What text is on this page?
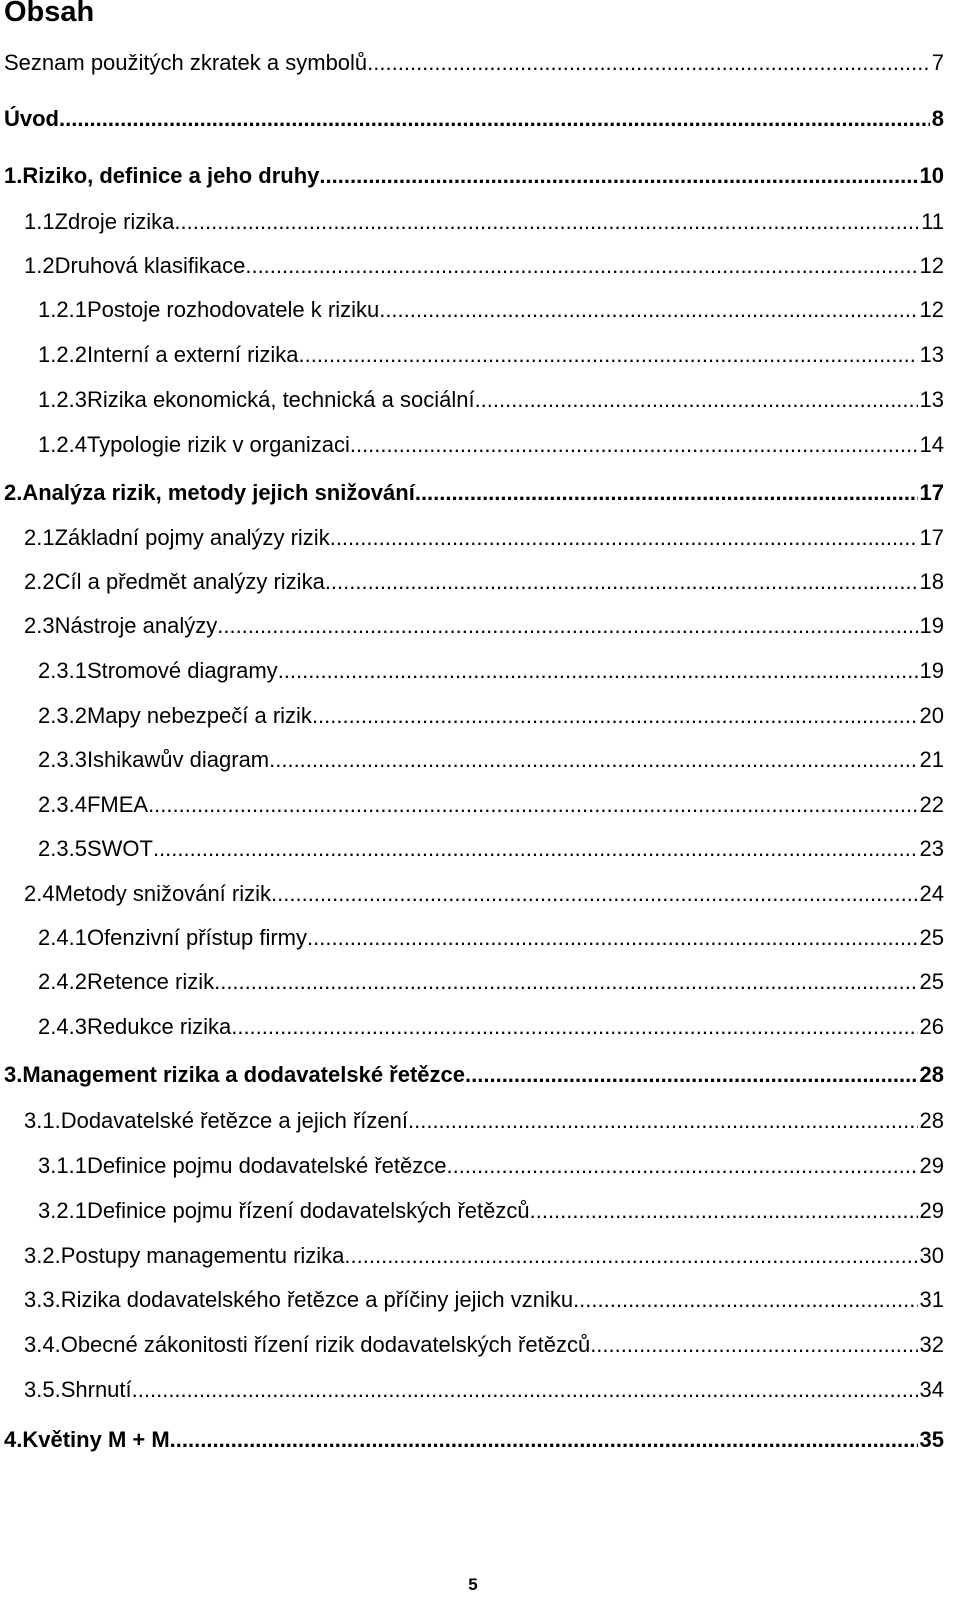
Obsah
Seznam použitých zkratek a symbolů .....	7
Úvod .....	8
1. Riziko, definice a jeho druhy .....	10
1.1 Zdroje rizika .....	11
1.2 Druhová klasifikace .....	12
1.2.1 Postoje rozhodovatele k riziku .....	12
1.2.2 Interní a externí rizika .....	13
1.2.3 Rizika ekonomická, technická a sociální .....	13
1.2.4 Typologie rizik v organizaci .....	14
2. Analýza rizik, metody jejich snižování .....	17
2.1 Základní pojmy analýzy rizik .....	17
2.2 Cíl a předmět analýzy rizika .....	18
2.3 Nástroje analýzy .....	19
2.3.1 Stromové diagramy .....	19
2.3.2 Mapy nebezpečí a rizik .....	20
2.3.3 Ishikawův diagram .....	21
2.3.4 FMEA .....	22
2.3.5 SWOT .....	23
2.4 Metody snižování rizik .....	24
2.4.1 Ofenzivní přístup firmy .....	25
2.4.2 Retence rizik .....	25
2.4.3 Redukce rizika .....	26
3. Management rizika a dodavatelské řetězce .....	28
3.1. Dodavatelské řetězce a jejich řízení .....	28
3.1.1 Definice pojmu dodavatelské řetězce .....	29
3.2.1 Definice pojmu řízení dodavatelských řetězců .....	29
3.2. Postupy managementu rizika .....	30
3.3. Rizika dodavatelského řetězce a příčiny jejich vzniku .....	31
3.4. Obecné zákonitosti řízení rizik dodavatelských řetězců .....	32
3.5. Shrnutí .....	34
4. Květiny M + M .....	35
5
